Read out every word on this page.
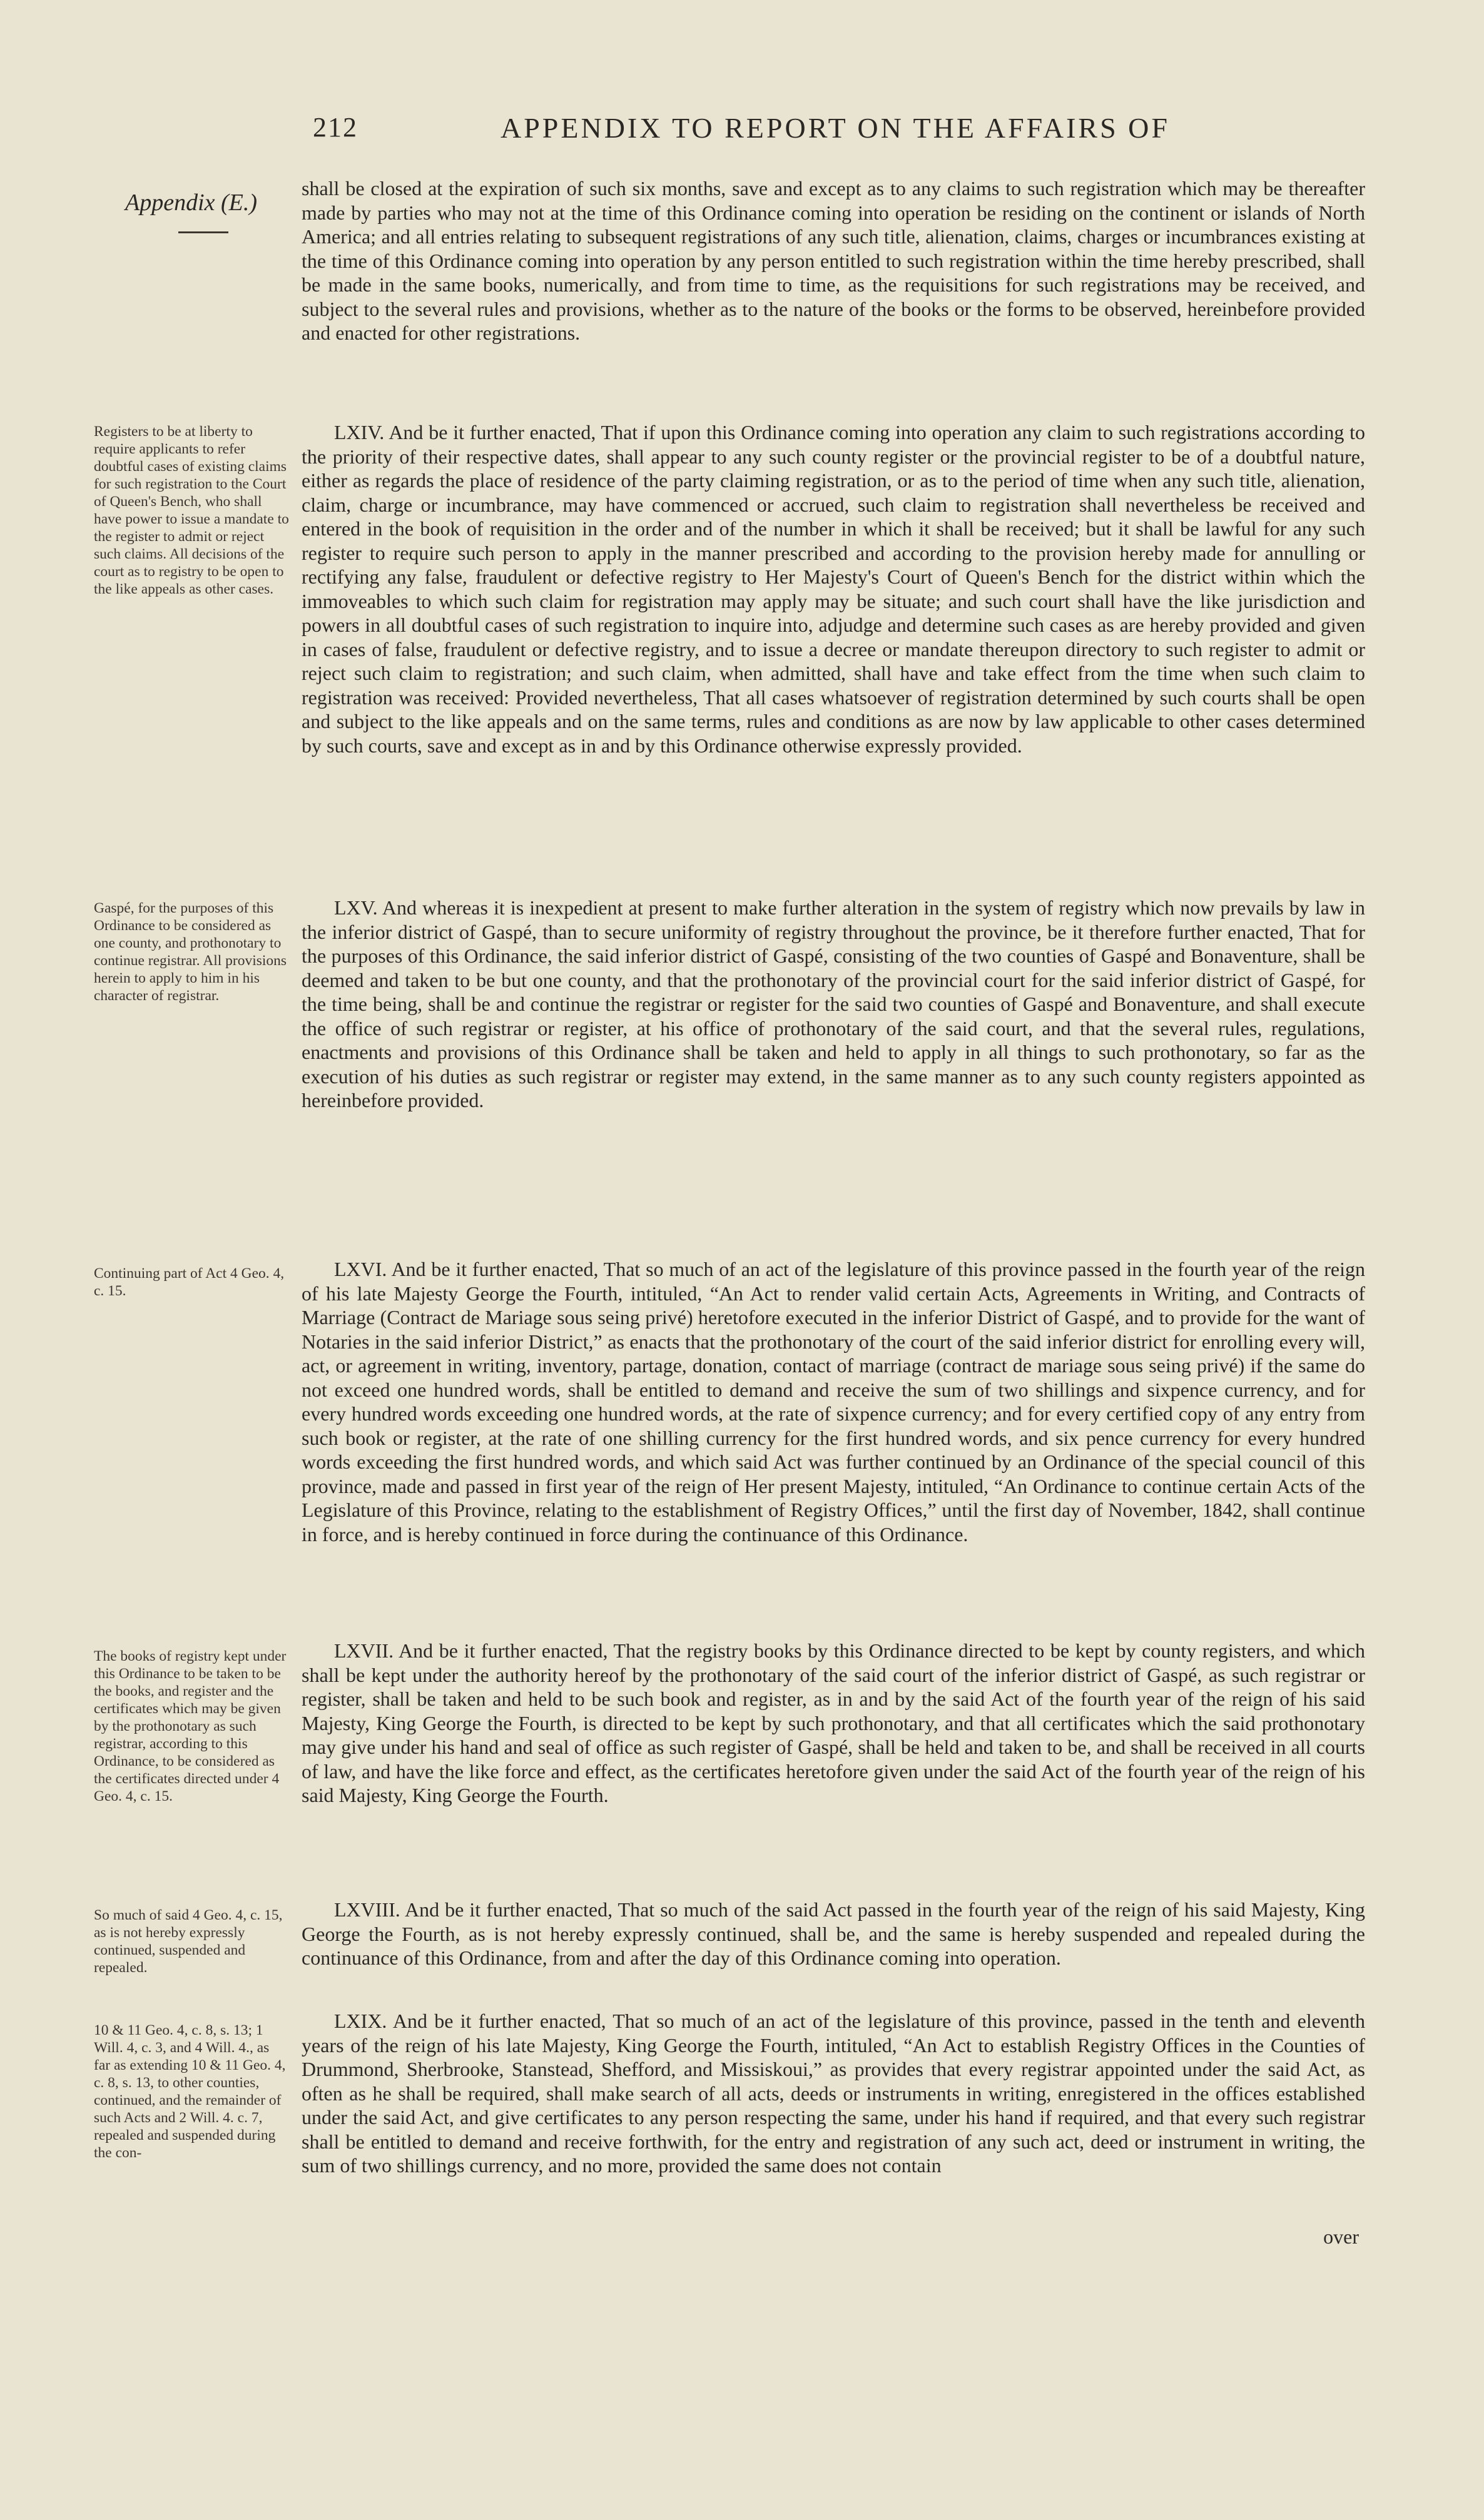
212	APPENDIX TO REPORT ON THE AFFAIRS OF
Appendix (E.)

shall be closed at the expiration of such six months, save and except as to any claims to such registration which may be thereafter made by parties who may not at the time of this Ordinance coming into operation be residing on the continent or islands of North America; and all entries relating to subsequent registrations of any such title, alienation, claims, charges or incumbrances existing at the time of this Ordinance coming into operation by any person entitled to such registration within the time hereby prescribed, shall be made in the same books, numerically, and from time to time, as the requisitions for such registrations may be received, and subject to the several rules and provisions, whether as to the nature of the books or the forms to be observed, hereinbefore provided and enacted for other registrations.

LXIV. And be it further enacted, That if upon this Ordinance coming into operation any claim to such registrations according to the priority of their respective dates, shall appear to any such county register or the provincial register to be of a doubtful nature, either as regards the place of residence of the party claiming registration, or as to the period of time when any such title, alienation, claim, charge or incumbrance, may have commenced or accrued, such claim to registration shall nevertheless be received and entered in the book of requisition in the order and of the number in which it shall be received; but it shall be lawful for any such register to require such person to apply in the manner prescribed and according to the provision hereby made for annulling or rectifying any false, fraudulent or defective registry to Her Majesty's Court of Queen's Bench for the district within which the immoveables to which such claim for registration may apply may be situate; and such court shall have the like jurisdiction and powers in all doubtful cases of such registration to inquire into, adjudge and determine such cases as are hereby provided and given in cases of false, fraudulent or defective registry, and to issue a decree or mandate thereupon directory to such register to admit or reject such claim to registration; and such claim, when admitted, shall have and take effect from the time when such claim to registration was received: Provided nevertheless, That all cases whatsoever of registration determined by such courts shall be open and subject to the like appeals and on the same terms, rules and conditions as are now by law applicable to other cases determined by such courts, save and except as in and by this Ordinance otherwise expressly provided.

LXV. And whereas it is inexpedient at present to make further alteration in the system of registry which now prevails by law in the inferior district of Gaspé, than to secure uniformity of registry throughout the province, be it therefore further enacted, That for the purposes of this Ordinance, the said inferior district of Gaspé, consisting of the two counties of Gaspé and Bonaventure, shall be deemed and taken to be but one county, and that the prothonotary of the provincial court for the said inferior district of Gaspé, for the time being, shall be and continue the registrar or register for the said two counties of Gaspé and Bonaventure, and shall execute the office of such registrar or register, at his office of prothonotary of the said court, and that the several rules, regulations, enactments and provisions of this Ordinance shall be taken and held to apply in all things to such prothonotary, so far as the execution of his duties as such registrar or register may extend, in the same manner as to any such county registers appointed as hereinbefore provided.

LXVI. And be it further enacted, That so much of an act of the legislature of this province passed in the fourth year of the reign of his late Majesty George the Fourth, intituled, “An Act to render valid certain Acts, Agreements in Writing, and Contracts of Marriage (Contract de Mariage sous seing privé) heretofore executed in the inferior District of Gaspé, and to provide for the want of Notaries in the said inferior District,” as enacts that the prothonotary of the court of the said inferior district for enrolling every will, act, or agreement in writing, inventory, partage, donation, contact of marriage (contract de mariage sous seing privé) if the same do not exceed one hundred words, shall be entitled to demand and receive the sum of two shillings and sixpence currency, and for every hundred words exceeding one hundred words, at the rate of sixpence currency; and for every certified copy of any entry from such book or register, at the rate of one shilling currency for the first hundred words, and six pence currency for every hundred words exceeding the first hundred words, and which said Act was further continued by an Ordinance of the special council of this province, made and passed in first year of the reign of Her present Majesty, intituled, “An Ordinance to continue certain Acts of the Legislature of this Province, relating to the establishment of Registry Offices,” until the first day of November, 1842, shall continue in force, and is hereby continued in force during the continuance of this Ordinance.

LXVII. And be it further enacted, That the registry books by this Ordinance directed to be kept by county registers, and which shall be kept under the authority hereof by the prothonotary of the said court of the inferior district of Gaspé, as such registrar or register, shall be taken and held to be such book and register, as in and by the said Act of the fourth year of the reign of his said Majesty, King George the Fourth, is directed to be kept by such prothonotary, and that all certificates which the said prothonotary may give under his hand and seal of office as such register of Gaspé, shall be held and taken to be, and shall be received in all courts of law, and have the like force and effect, as the certificates heretofore given under the said Act of the fourth year of the reign of his said Majesty, King George the Fourth.

LXVIII. And be it further enacted, That so much of the said Act passed in the fourth year of the reign of his said Majesty, King George the Fourth, as is not hereby expressly continued, shall be, and the same is hereby suspended and repealed during the continuance of this Ordinance, from and after the day of this Ordinance coming into operation.

LXIX. And be it further enacted, That so much of an act of the legislature of this province, passed in the tenth and eleventh years of the reign of his late Majesty, King George the Fourth, intituled, “An Act to establish Registry Offices in the Counties of Drummond, Sherbrooke, Stanstead, Shefford, and Missiskoui,” as provides that every registrar appointed under the said Act, as often as he shall be required, shall make search of all acts, deeds or instruments in writing, enregistered in the offices established under the said Act, and give certificates to any person respecting the same, under his hand if required, and that every such registrar shall be entitled to demand and receive forthwith, for the entry and registration of any such act, deed or instrument in writing, the sum of two shillings currency, and no more, provided the same does not contain

Registers to be at liberty to require applicants to refer doubtful cases of existing claims for such registration to the Court of Queen's Bench, who shall have power to issue a mandate to the register to admit or reject such claims. All decisions of the court as to registry to be open to the like appeals as other cases.
Gaspé, for the purposes of this Ordinance to be considered as one county, and prothonotary to continue registrar. All provisions herein to apply to him in his character of registrar.
Continuing part of Act 4 Geo. 4, c. 15.
The books of registry kept under this Ordinance to be taken to be the books, and register and the certificates which may be given by the prothonotary as such registrar, according to this Ordinance, to be considered as the certificates directed under 4 Geo. 4, c. 15.
So much of said 4 Geo. 4, c. 15, as is not hereby expressly continued, suspended and repealed.
10 & 11 Geo. 4, c. 8, s. 13; 1 Will. 4, c. 3, and 4 Will. 4., as far as extending 10 & 11 Geo. 4, c. 8, s. 13, to other counties, continued, and the remainder of such Acts and 2 Will. 4. c. 7, repealed and suspended during the con-
over
